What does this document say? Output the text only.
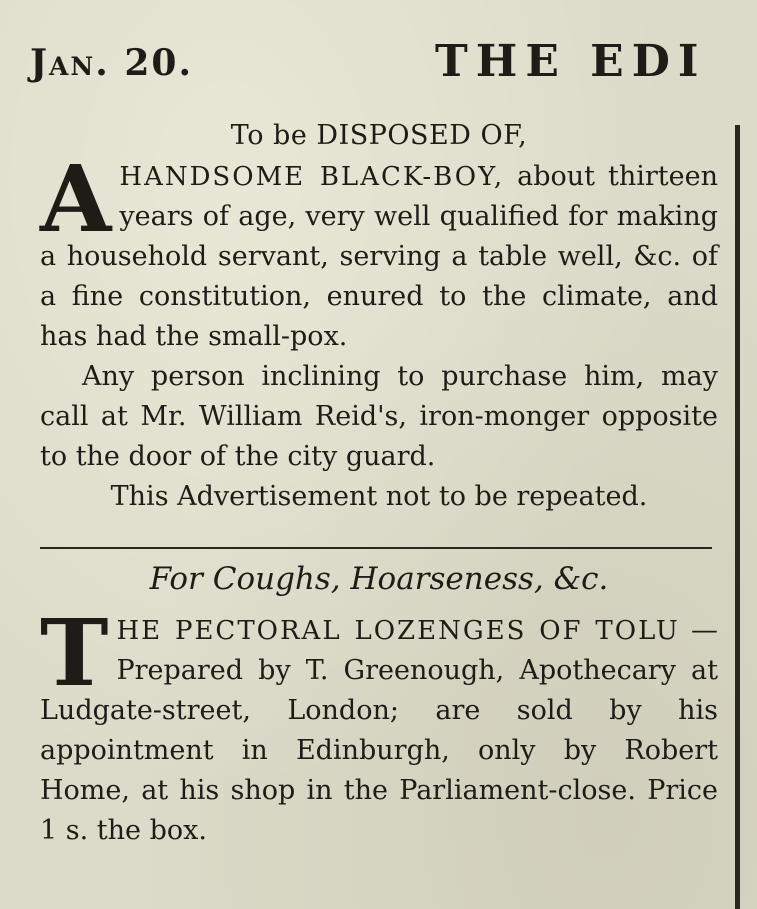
Jan. 20.	THE EDI

To be DISPOSED OF,

AHANDSOME BLACK-BOY, about thirteen years of age, very well qualified for making a household servant, serving a table well, &c. of a fine constitution, enured to the climate, and has had the small-pox.

Any person inclining to purchase him, may call at Mr. William Reid's, iron-monger opposite to the door of the city guard.

This Advertisement not to be repeated.

For Coughs, Hoarseness, &c.

THE PECTORAL LOZENGES OF TOLU —Prepared by T. Greenough, Apothecary at Ludgate-street, London; are sold by his appointment in Edinburgh, only by Robert Home, at his shop in the Parliament-close. Price 1 s. the box.
